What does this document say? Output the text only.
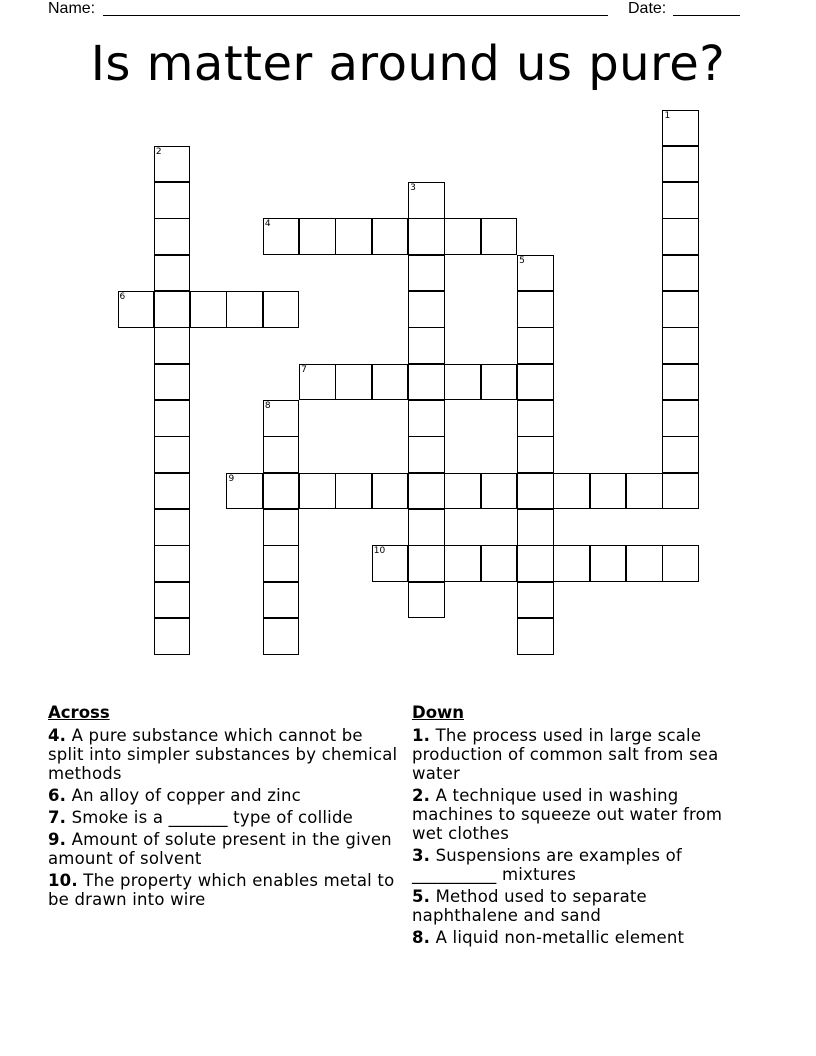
Name:	Date:
Is matter around us pure?
1
2
3
4
5
6
7
8
9
10
Across
4. A pure substance which cannot be split into simpler substances by chemical methods
6. An alloy of copper and zinc
7. Smoke is a _______ type of collide
9. Amount of solute present in the given amount of solvent
10. The property which enables metal to be drawn into wire
Down
1. The process used in large scale production of common salt from sea water
2. A technique used in washing machines to squeeze out water from wet clothes
3. Suspensions are examples of __________ mixtures
5. Method used to separate naphthalene and sand
8. A liquid non-metallic element
